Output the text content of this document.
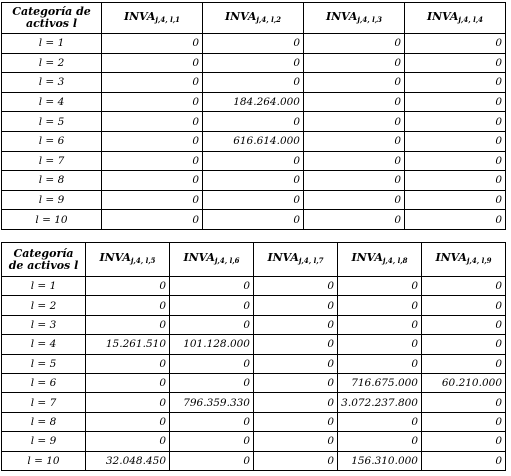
Categoría de activos l	$INVA_{j,4, l,1}$	$INVA_{j,4, l,2}$	$INVA_{j,4, l,3}$	$INVA_{j,4, l,4}$
l = 1	0	0	0	0
l = 2	0	0	0	0
l = 3	0	0	0	0
l = 4	0	184.264.000	0	0
l = 5	0	0	0	0
l = 6	0	616.614.000	0	0
l = 7	0	0	0	0
l = 8	0	0	0	0
l = 9	0	0	0	0
l = 10	0	0	0	0
Categoría de activos l	$INVA_{j,4, l,5}$	$INVA_{j,4, l,6}$	$INVA_{j,4, l,7}$	$INVA_{j,4, l,8}$	$INVA_{j,4, l,9}$
l = 1	0	0	0	0	0
l = 2	0	0	0	0	0
l = 3	0	0	0	0	0
l = 4	15.261.510	101.128.000	0	0	0
l = 5	0	0	0	0	0
l = 6	0	0	0	716.675.000	60.210.000
l = 7	0	796.359.330	0	3.072.237.800	0
l = 8	0	0	0	0	0
l = 9	0	0	0	0	0
l = 10	32.048.450	0	0	156.310.000	0
